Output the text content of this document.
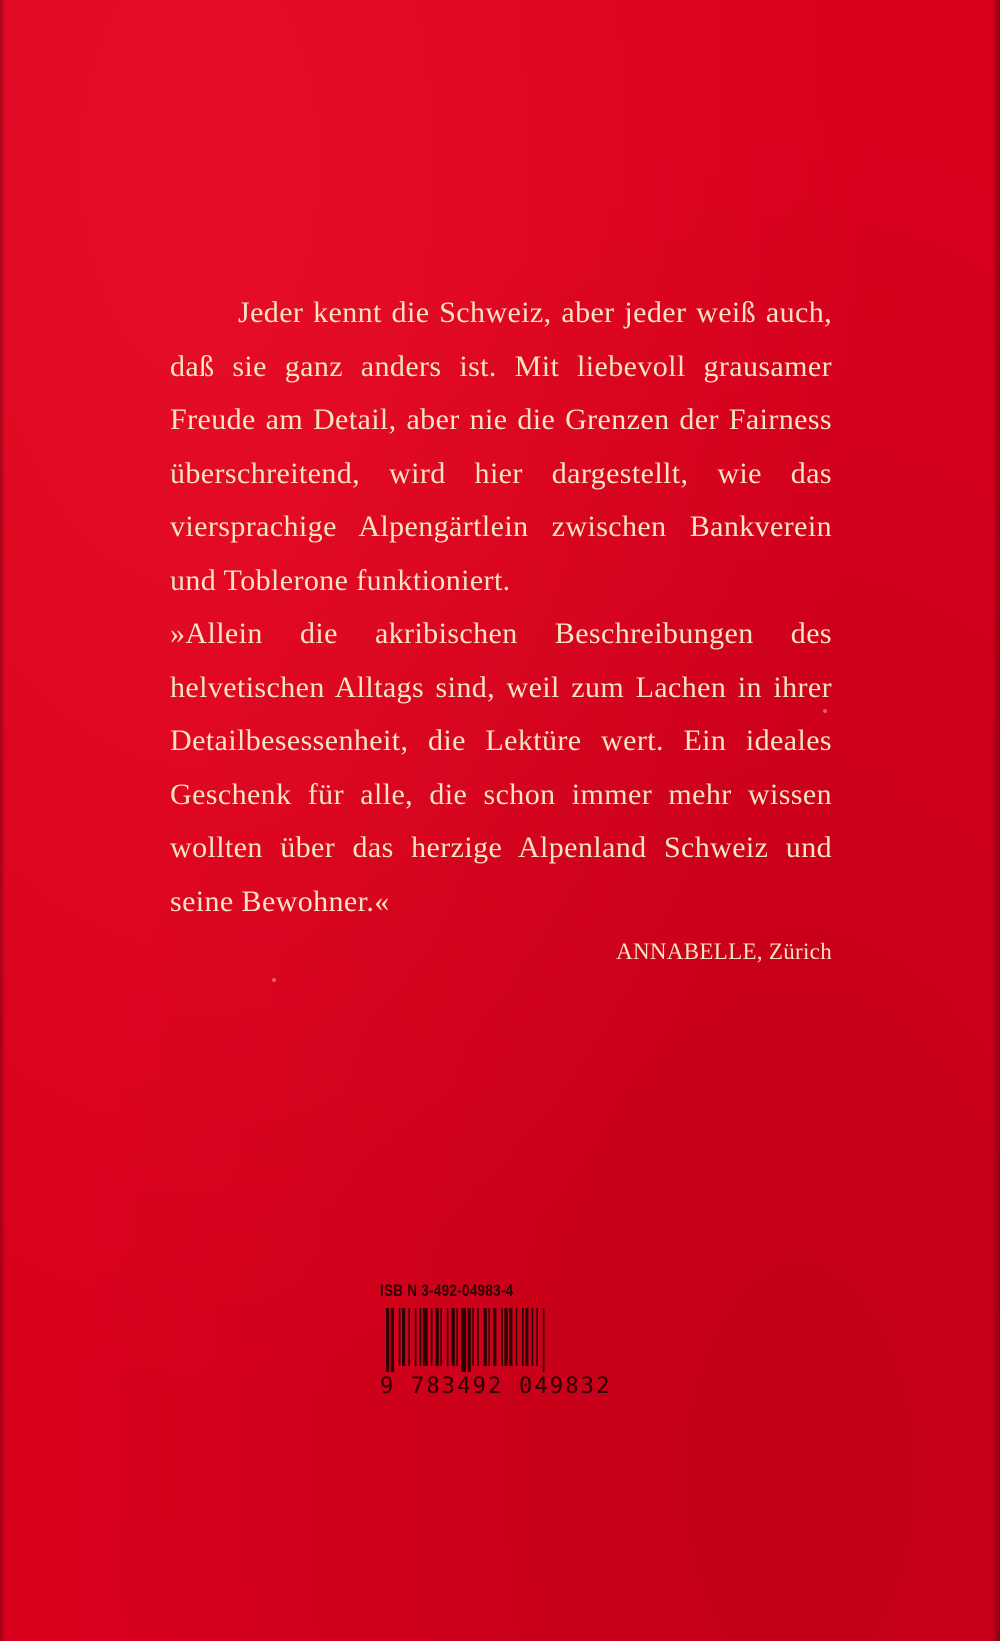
Jeder kennt die Schweiz, aber jeder weiß auch, daß sie ganz anders ist. Mit liebevoll grausamer Freude am Detail, aber nie die Grenzen der Fairness überschreitend, wird hier dargestellt, wie das viersprachige Alpengärtlein zwischen Bankverein und Toblerone funktioniert.

»Allein die akribischen Beschreibungen des helvetischen Alltags sind, weil zum Lachen in ihrer Detailbesessenheit, die Lektüre wert. Ein ideales Geschenk für alle, die schon immer mehr wissen wollten über das herzige Alpenland Schweiz und seine Bewohner.«

ANNABELLE, Zürich

ISB N 3-492-04983-4
9 783492 049832
